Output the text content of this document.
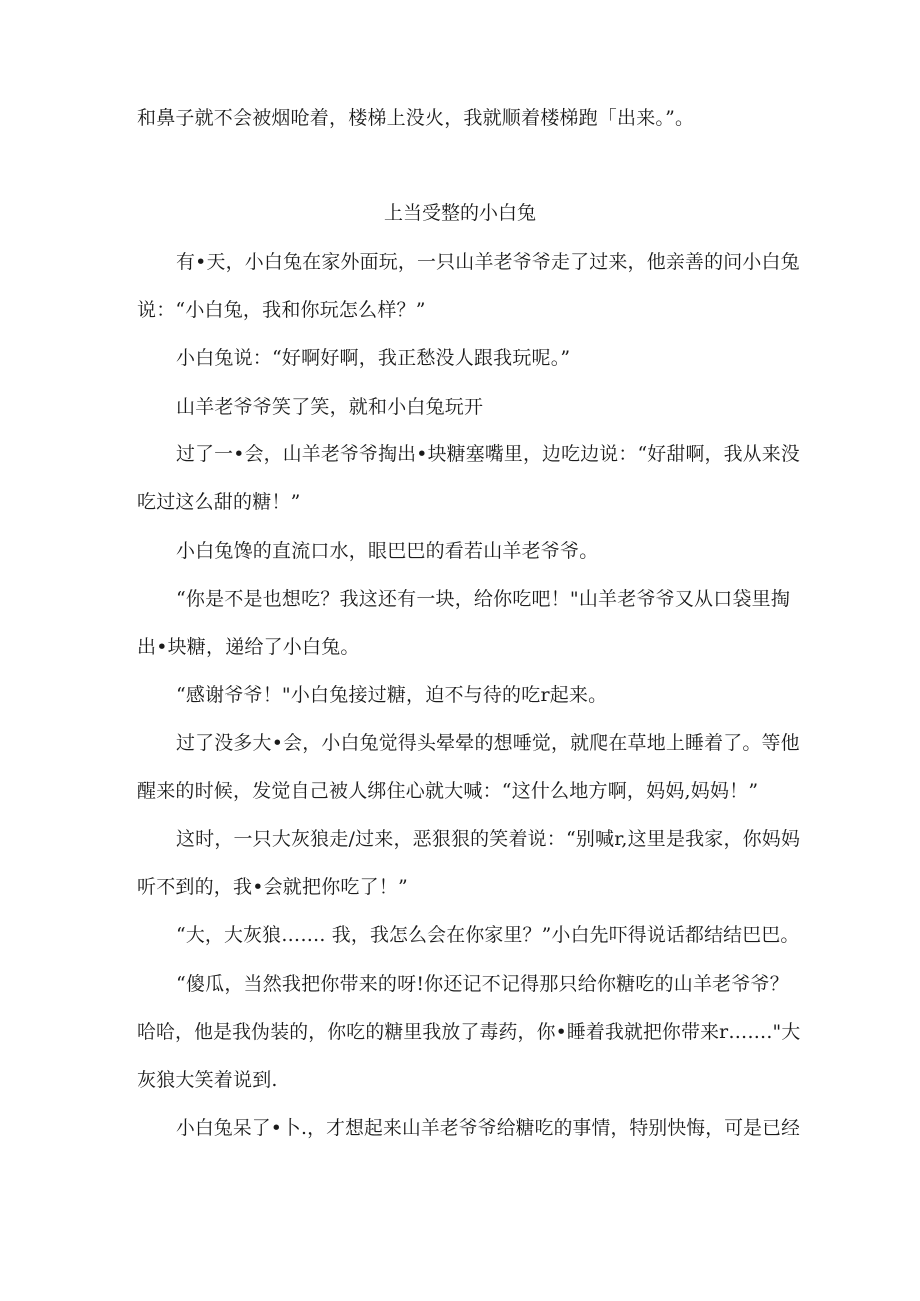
和鼻子就不会被烟呛着，楼梯上没火，我就顺着楼梯跑「出来。”。
上当受整的小白兔
有•天，小白兔在家外面玩，一只山羊老爷爷走了过来，他亲善的问小白兔
说：“小白兔，我和你玩怎么样？”
小白兔说：“好啊好啊，我正愁没人跟我玩呢。”
山羊老爷爷笑了笑，就和小白兔玩开
过了一•会，山羊老爷爷掏出•块糖塞嘴里，边吃边说：“好甜啊，我从来没
吃过这么甜的糖！”
小白兔馋的直流口水，眼巴巴的看若山羊老爷爷。
“你是不是也想吃？我这还有一块，给你吃吧！"山羊老爷爷又从口袋里掏
出•块糖，递给了小白兔。
“感谢爷爷！"小白兔接过糖，迫不与待的吃r起来。
过了没多大•会，小白兔觉得头晕晕的想唾觉，就爬在草地上睡着了。等他
醒来的时候，发觉自己被人绑住心就大喊：“这什么地方啊，妈妈,妈妈！”
这时，一只大灰狼走/过来，恶狠狠的笑着说：“别喊r,这里是我家，你妈妈
听不到的，我•会就把你吃了！”
“大，大灰狼……. 我，我怎么会在你家里？”小白先吓得说话都结结巴巴。
“傻瓜，当然我把你带来的呀!你还记不记得那只给你糖吃的山羊老爷爷？
哈哈，他是我伪装的，你吃的糖里我放了毒药，你•睡着我就把你带来r……."大
灰狼大笑着说到.
小白兔呆了•卜.，才想起来山羊老爷爷给糖吃的事情，特别快悔，可是已经
